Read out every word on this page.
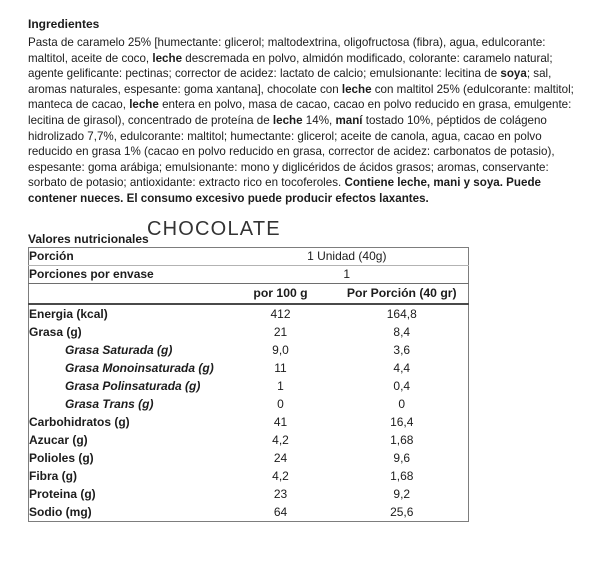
Ingredientes

Pasta de caramelo 25% [humectante: glicerol; maltodextrina, oligofructosa (fibra), agua, edulcorante: maltitol, aceite de coco, leche descremada en polvo, almidón modificado, colorante: caramelo natural; agente gelificante: pectinas; corrector de acidez: lactato de calcio; emulsionante: lecitina de soya; sal, aromas naturales, espesante: goma xantana], chocolate con leche con maltitol 25% (edulcorante: maltitol; manteca de cacao, leche entera en polvo, masa de cacao, cacao en polvo reducido en grasa, emulgente: lecitina de girasol), concentrado de proteína de leche 14%, maní tostado 10%, péptidos de colágeno hidrolizado 7,7%, edulcorante: maltitol; humectante: glicerol; aceite de canola, agua, cacao en polvo reducido en grasa 1% (cacao en polvo reducido en grasa, corrector de acidez: carbonatos de potasio), espesante: goma arábiga; emulsionante: mono y diglicéridos de ácidos grasos; aromas, conservante: sorbato de potasio; antioxidante: extracto rico en tocoferoles. Contiene leche, mani y soya. Puede contener nueces. El consumo excesivo puede producir efectos laxantes.

Valores nutricionales
CHOCOLATE
Porción	1 Unidad (40g)	
Porciones por envase	1	
	por 100 g	Por Porción (40 gr)
Energia (kcal)	412	164,8
Grasa (g)	21	8,4
Grasa Saturada (g)	9,0	3,6
Grasa Monoinsaturada (g)	11	4,4
Grasa Polinsaturada (g)	1	0,4
Grasa Trans (g)	0	0
Carbohidratos (g)	41	16,4
Azucar (g)	4,2	1,68
Polioles (g)	24	9,6
Fibra (g)	4,2	1,68
Proteina (g)	23	9,2
Sodio (mg)	64	25,6
